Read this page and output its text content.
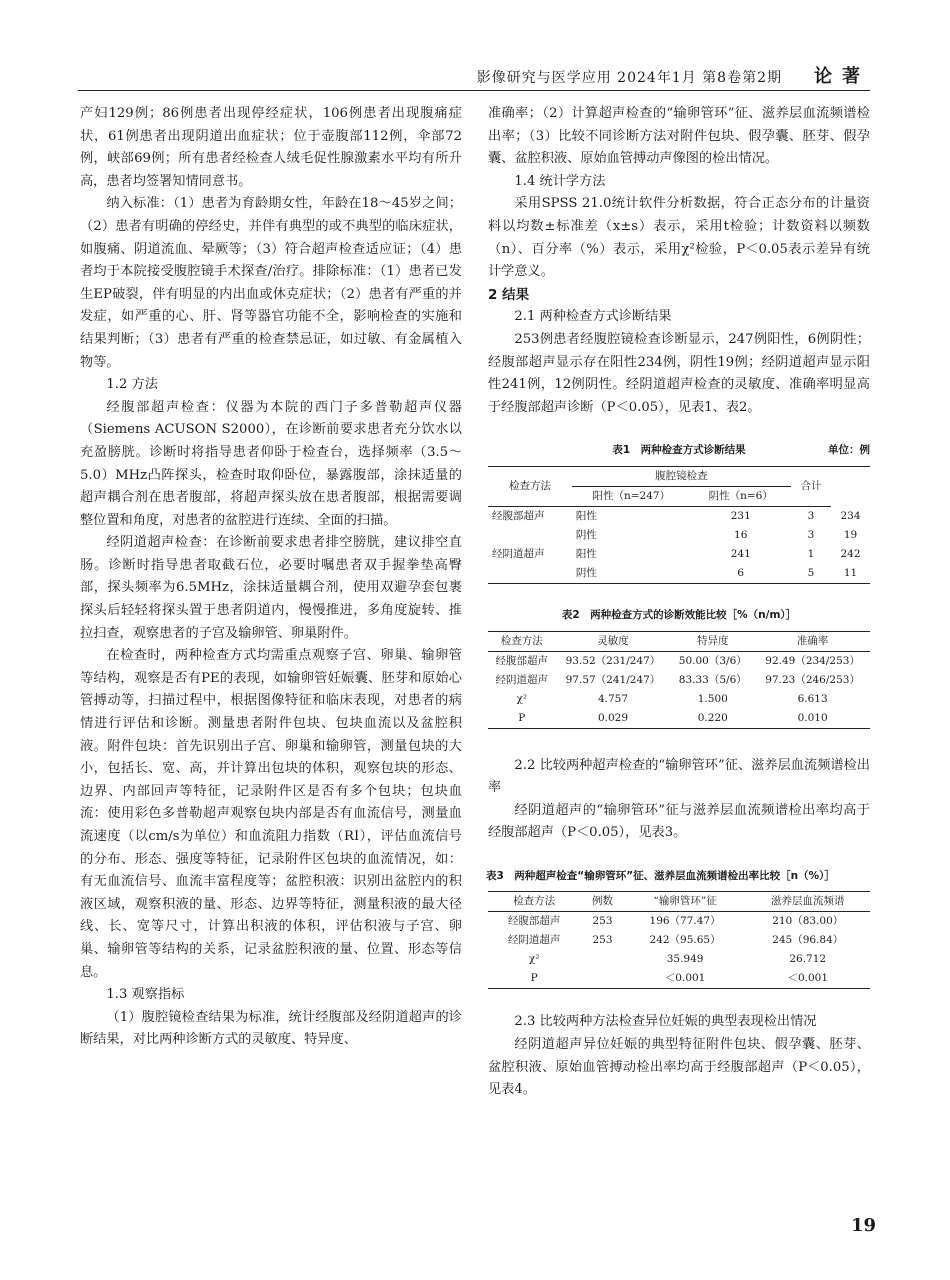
影像研究与医学应用 2024年1月 第8卷第2期 论著

产妇129例；86例患者出现停经症状，106例患者出现腹痛症状，61例患者出现阴道出血症状；位于壶腹部112例，伞部72例，峡部69例；所有患者经检查人绒毛促性腺激素水平均有所升高，患者均签署知情同意书。

纳入标准：（1）患者为育龄期女性，年龄在18～45岁之间；（2）患者有明确的停经史，并伴有典型的或不典型的临床症状，如腹痛、阴道流血、晕厥等；（3）符合超声检查适应证；（4）患者均于本院接受腹腔镜手术探查/治疗。排除标准：（1）患者已发生EP破裂，伴有明显的内出血或休克症状；（2）患者有严重的并发症，如严重的心、肝、肾等器官功能不全，影响检查的实施和结果判断；（3）患者有严重的检查禁忌证，如过敏、有金属植入物等。

1.2 方法

经腹部超声检查：仪器为本院的西门子多普勒超声仪器（Siemens ACUSON S2000），在诊断前要求患者充分饮水以充盈膀胱。诊断时将指导患者仰卧于检查台，选择频率（3.5～5.0）MHz凸阵探头，检查时取仰卧位，暴露腹部，涂抹适量的超声耦合剂在患者腹部，将超声探头放在患者腹部，根据需要调整位置和角度，对患者的盆腔进行连续、全面的扫描。

经阴道超声检查：在诊断前要求患者排空膀胱，建议排空直肠。诊断时指导患者取截石位，必要时嘱患者双手握拳垫高臀部，探头频率为6.5MHz，涂抹适量耦合剂，使用双避孕套包裹探头后轻轻将探头置于患者阴道内，慢慢推进，多角度旋转、推拉扫查，观察患者的子宫及输卵管、卵巢附件。

在检查时，两种检查方式均需重点观察子宫、卵巢、输卵管等结构，观察是否有PE的表现，如输卵管妊娠囊、胚芽和原始心管搏动等，扫描过程中，根据图像特征和临床表现，对患者的病情进行评估和诊断。测量患者附件包块、包块血流以及盆腔积液。附件包块：首先识别出子宫、卵巢和输卵管，测量包块的大小，包括长、宽、高，并计算出包块的体积，观察包块的形态、边界、内部回声等特征，记录附件区是否有多个包块；包块血流：使用彩色多普勒超声观察包块内部是否有血流信号，测量血流速度（以cm/s为单位）和血流阻力指数（RI），评估血流信号的分布、形态、强度等特征，记录附件区包块的血流情况，如：有无血流信号、血流丰富程度等；盆腔积液：识别出盆腔内的积液区域，观察积液的量、形态、边界等特征，测量积液的最大径线、长、宽等尺寸，计算出积液的体积，评估积液与子宫、卵巢、输卵管等结构的关系，记录盆腔积液的量、位置、形态等信息。

1.3 观察指标

（1）腹腔镜检查结果为标准，统计经腹部及经阴道超声的诊断结果，对比两种诊断方式的灵敏度、特异度、

准确率；（2）计算超声检查的“输卵管环”征、滋养层血流频谱检出率；（3）比较不同诊断方法对附件包块、假孕囊、胚芽、假孕囊、盆腔积液、原始血管搏动声像图的检出情况。

1.4 统计学方法

采用SPSS 21.0统计软件分析数据，符合正态分布的计量资料以均数±标准差（x±s）表示，采用t检验；计数资料以频数（n）、百分率（%）表示，采用χ²检验，P＜0.05表示差异有统计学意义。

2 结果

2.1 两种检查方式诊断结果

253例患者经腹腔镜检查诊断显示，247例阳性，6例阴性；经腹部超声显示存在阳性234例，阴性19例；经阴道超声显示阳性241例，12例阴性。经阴道超声检查的灵敏度、准确率明显高于经腹部超声诊断（P＜0.05），见表1、表2。

表1　两种检查方式诊断结果	单位：例
检查方法	腹腔镜检查		合计	
	阳性（n=247）	阴性（n=6）		
经腹部超声	阳性	231	3	234
	阴性	16	3	19
经阴道超声	阳性	241	1	242
	阴性	6	5	11
表2　两种检查方式的诊断效能比较［%（n/m）］
检查方法	灵敏度	特异度	准确率
经腹部超声	93.52（231/247）	50.00（3/6）	92.49（234/253）
经阴道超声	97.57（241/247）	83.33（5/6）	97.23（246/253）
χ²	4.757	1.500	6.613
P	0.029	0.220	0.010

2.2 比较两种超声检查的“输卵管环”征、滋养层血流频谱检出率

经阴道超声的“输卵管环”征与滋养层血流频谱检出率均高于经腹部超声（P＜0.05），见表3。

表3　两种超声检查“输卵管环”征、滋养层血流频谱检出率比较［n（%）］
检查方法	例数	“输卵管环”征	滋养层血流频谱
经腹部超声	253	196（77.47）	210（83.00）
经阴道超声	253	242（95.65）	245（96.84）
χ²		35.949	26.712
P		＜0.001	＜0.001

2.3 比较两种方法检查异位妊娠的典型表现检出情况

经阴道超声异位妊娠的典型特征附件包块、假孕囊、胚芽、盆腔积液、原始血管搏动检出率均高于经腹部超声（P＜0.05），见表4。

19
